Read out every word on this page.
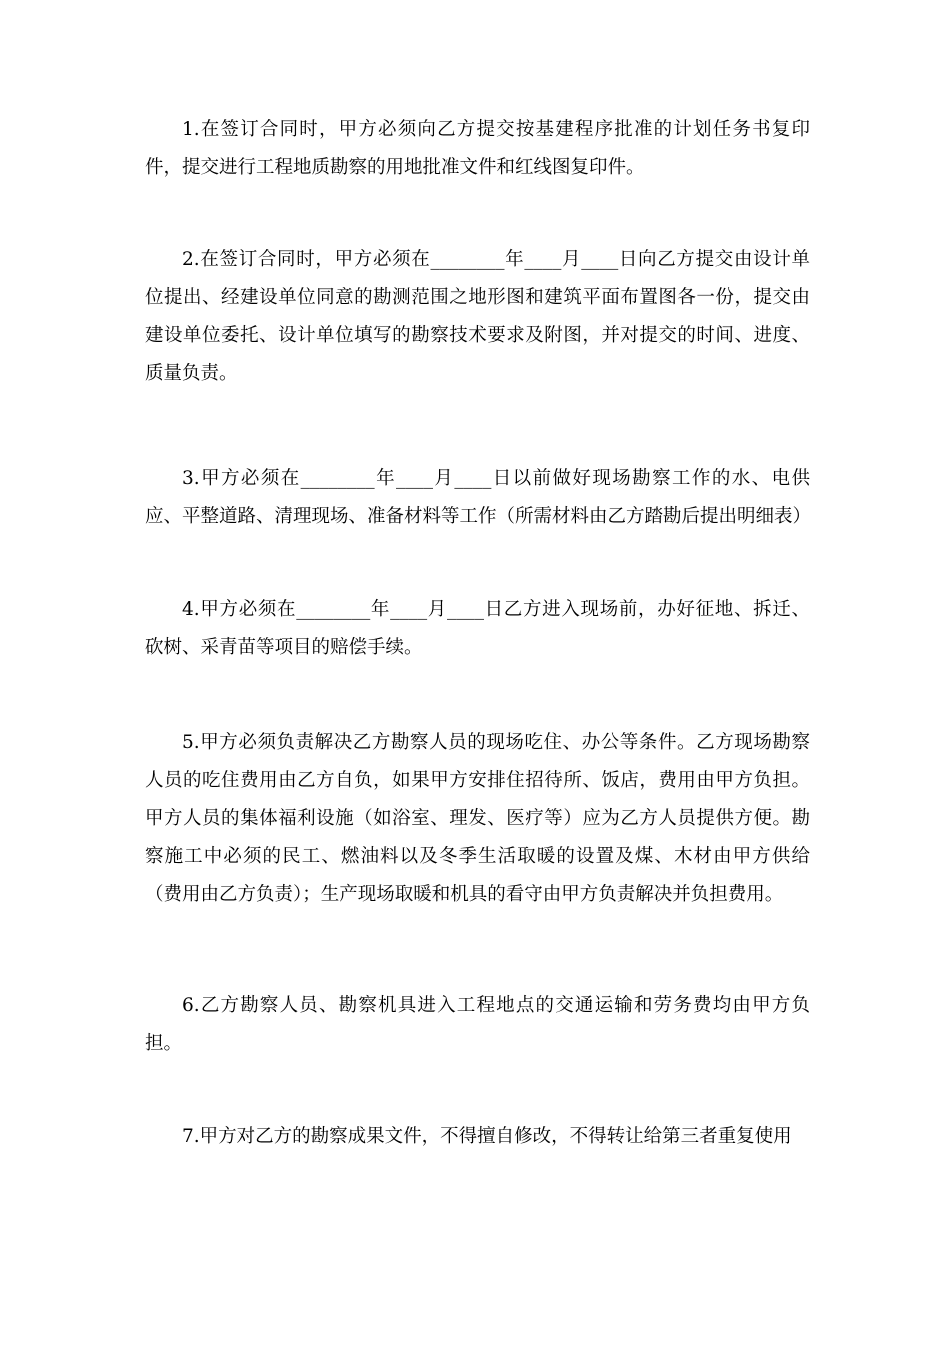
1.在签订合同时，甲方必须向乙方提交按基建程序批准的计划任务书复印件，提交进行工程地质勘察的用地批准文件和红线图复印件。

2.在签订合同时，甲方必须在________年____月____日向乙方提交由设计单位提出、经建设单位同意的勘测范围之地形图和建筑平面布置图各一份，提交由建设单位委托、设计单位填写的勘察技术要求及附图，并对提交的时间、进度、质量负责。

3.甲方必须在________年____月____日以前做好现场勘察工作的水、电供应、平整道路、清理现场、准备材料等工作（所需材料由乙方踏勘后提出明细表）

4.甲方必须在________年____月____日乙方进入现场前，办好征地、拆迁、砍树、采青苗等项目的赔偿手续。

5.甲方必须负责解决乙方勘察人员的现场吃住、办公等条件。乙方现场勘察人员的吃住费用由乙方自负，如果甲方安排住招待所、饭店，费用由甲方负担。甲方人员的集体福利设施（如浴室、理发、医疗等）应为乙方人员提供方便。勘察施工中必须的民工、燃油料以及冬季生活取暖的设置及煤、木材由甲方供给（费用由乙方负责）；生产现场取暖和机具的看守由甲方负责解决并负担费用。

6.乙方勘察人员、勘察机具进入工程地点的交通运输和劳务费均由甲方负担。

7.甲方对乙方的勘察成果文件，不得擅自修改，不得转让给第三者重复使用
